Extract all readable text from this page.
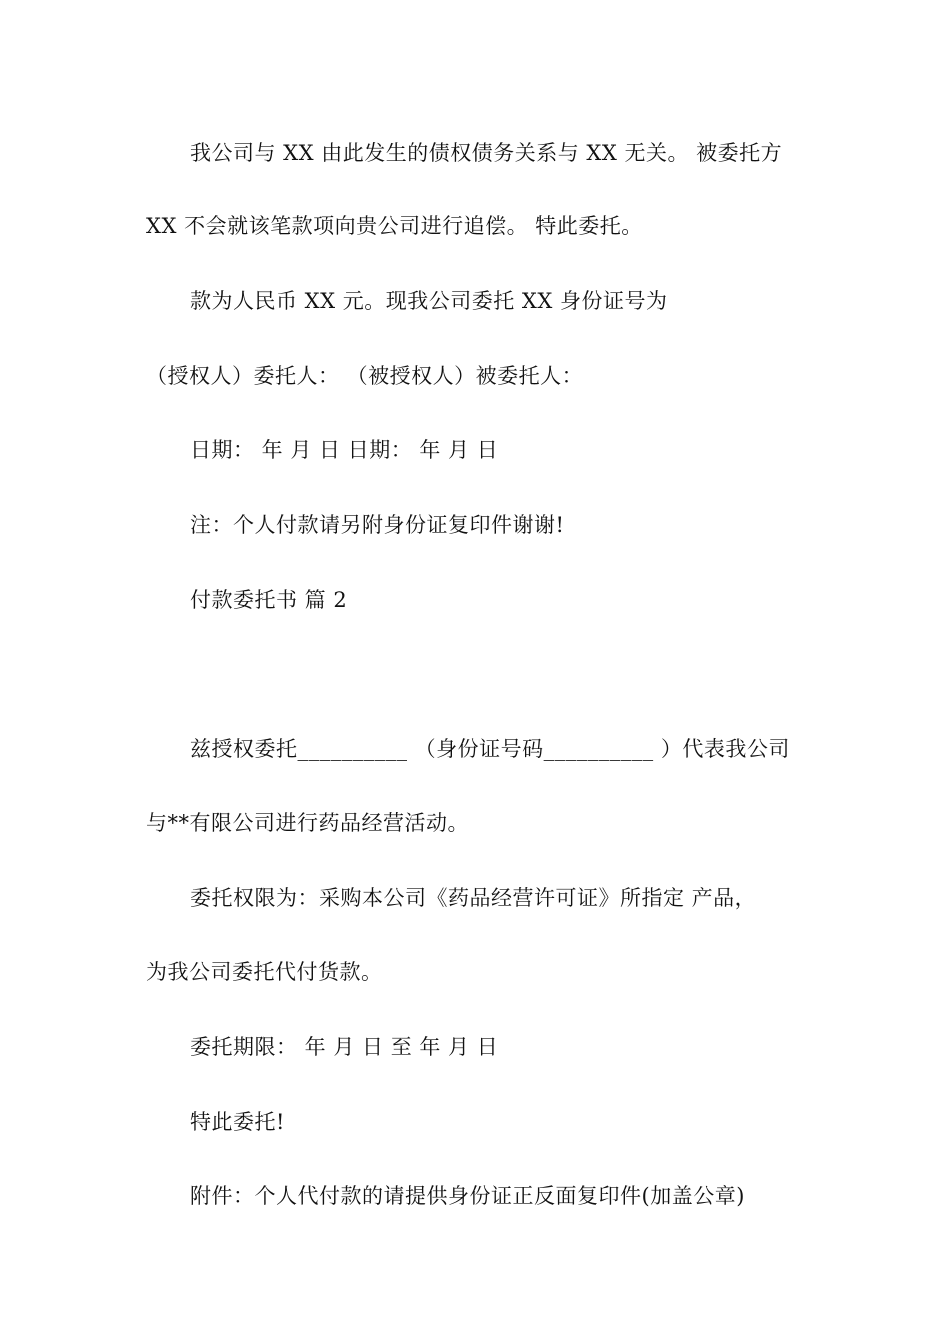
我公司与 XX 由此发生的债权债务关系与 XX 无关。 被委托方
XX 不会就该笔款项向贵公司进行追偿。 特此委托。
款为人民币 XX 元。现我公司委托 XX 身份证号为
（授权人）委托人： （被授权人）被委托人：
日期： 年 月 日 日期： 年 月 日
注：个人付款请另附身份证复印件谢谢!
付款委托书 篇 2
兹授权委托__________ （身份证号码__________ ）代表我公司
与**有限公司进行药品经营活动。
委托权限为：采购本公司《药品经营许可证》所指定 产品，
为我公司委托代付货款。
委托期限： 年 月 日 至 年 月 日
特此委托!
附件：个人代付款的请提供身份证正反面复印件(加盖公章)
